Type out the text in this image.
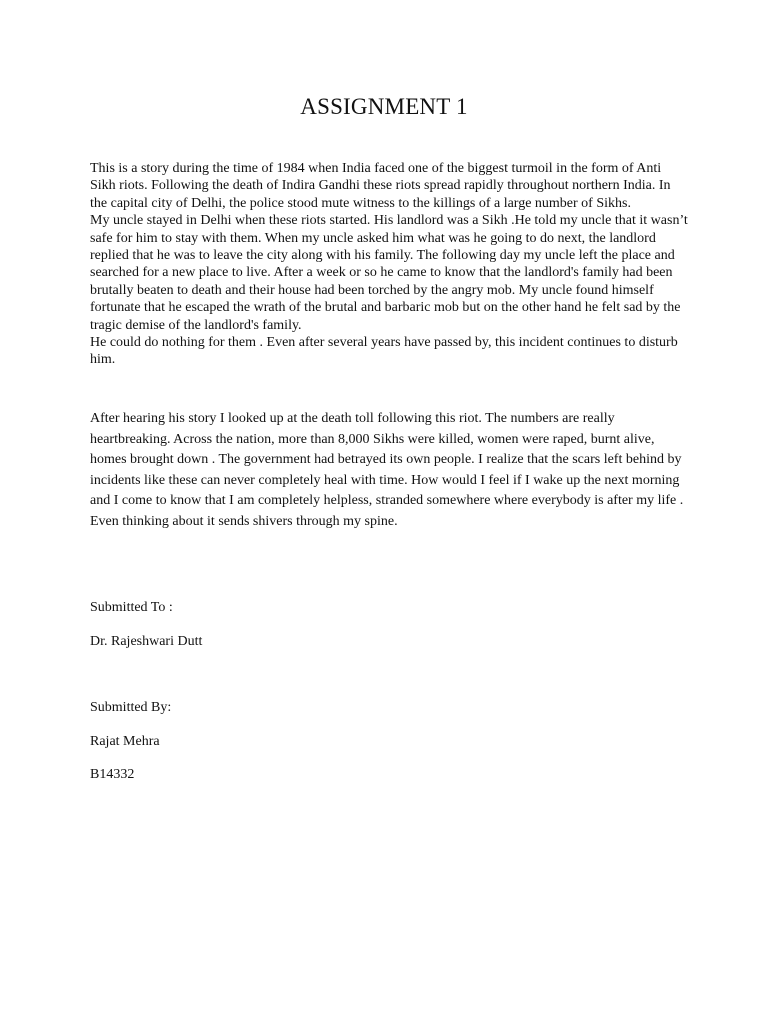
ASSIGNMENT 1

This is a story during the time of 1984 when India faced one of the biggest turmoil in the form of Anti Sikh riots. Following the death of Indira Gandhi these riots spread rapidly throughout northern India. In the capital city of Delhi, the police stood mute witness to the killings of a large number of Sikhs.

My uncle stayed in Delhi when these riots started. His landlord was a Sikh .He told my uncle that it wasn’t safe for him to stay with them. When my uncle asked him what was he going to do next, the landlord replied that he was to leave the city along with his family. The following day my uncle left the place and searched for a new place to live. After a week or so he came to know that the landlord's family had been brutally beaten to death and their house had been torched by the angry mob. My uncle found himself fortunate that he escaped the wrath of the brutal and barbaric mob but on the other hand he felt sad by the tragic demise of the landlord's family.

He could do nothing for them . Even after several years have passed by, this incident continues to disturb him.

After hearing his story I looked up at the death toll following this riot. The numbers are really heartbreaking. Across the nation, more than 8,000 Sikhs were killed, women were raped, burnt alive, homes brought down . The government had betrayed its own people. I realize that the scars left behind by incidents like these can never completely heal with time. How would I feel if I wake up the next morning and I come to know that I am completely helpless, stranded somewhere where everybody is after my life . Even thinking about it sends shivers through my spine.

Submitted To :

Dr. Rajeshwari Dutt

Submitted By:

Rajat Mehra

B14332
